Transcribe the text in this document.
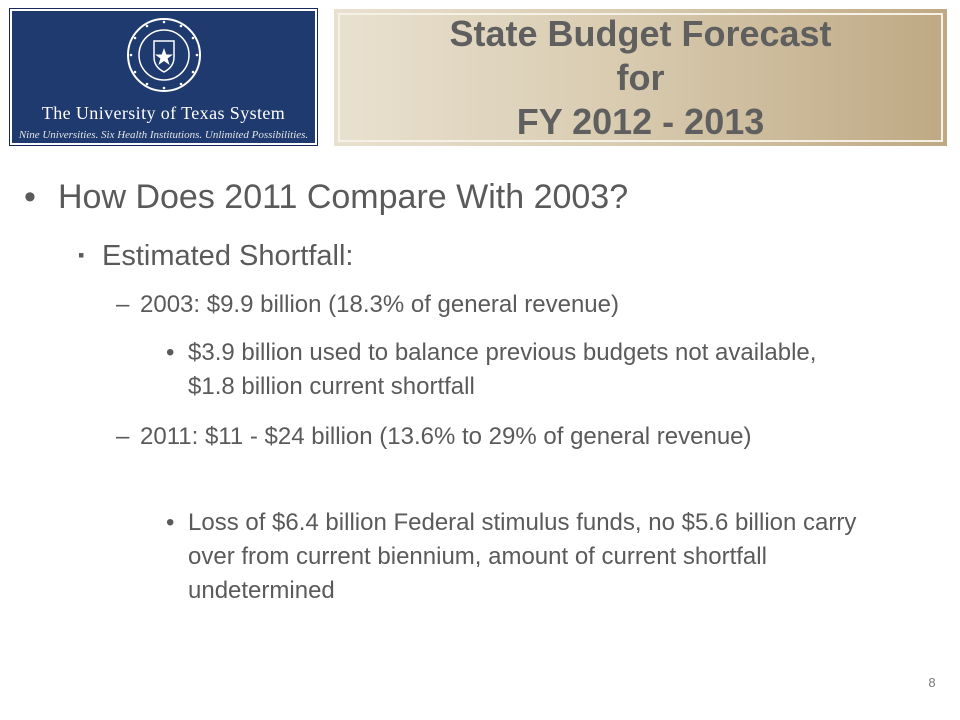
The University of Texas System
Nine Universities. Six Health Institutions. Unlimited Possibilities.
State Budget Forecast for
FY 2012 - 2013
• How Does 2011 Compare With 2003?
▪ Estimated Shortfall:
– 2003: $9.9 billion (18.3% of general revenue)
• $3.9 billion used to balance previous budgets not available, $1.8 billion current shortfall
– 2011: $11 - $24 billion (13.6% to 29% of general revenue)
• Loss of $6.4 billion Federal stimulus funds, no $5.6 billion carry over from current biennium, amount of current shortfall undetermined
8
